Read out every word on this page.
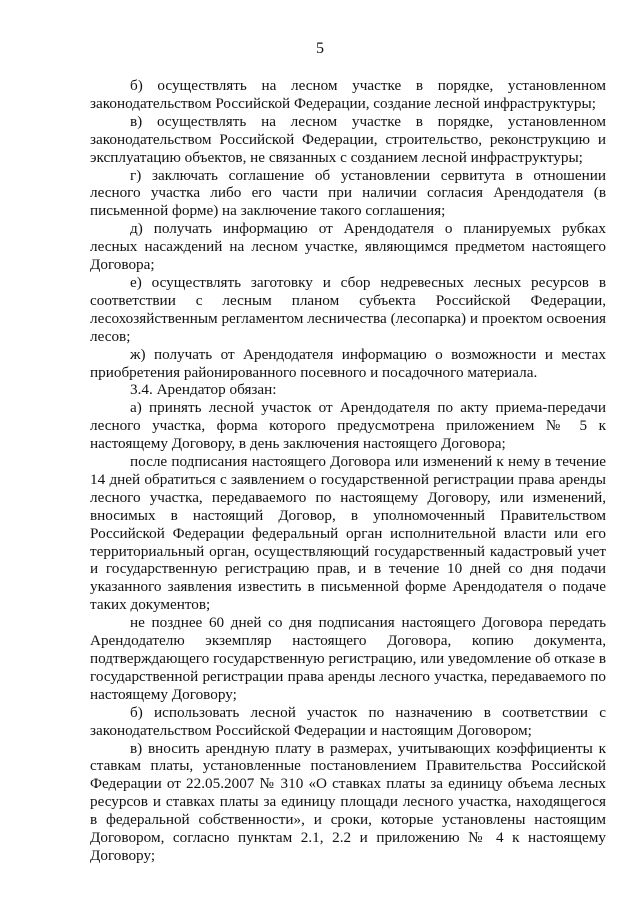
5

б) осуществлять на лесном участке в порядке, установленном законодательством Российской Федерации, создание лесной инфраструктуры;

в) осуществлять на лесном участке в порядке, установленном законодательством Российской Федерации, строительство, реконструкцию и эксплуатацию объектов, не связанных с созданием лесной инфраструктуры;

г) заключать соглашение об установлении сервитута в отношении лесного участка либо его части при наличии согласия Арендодателя (в письменной форме) на заключение такого соглашения;

д) получать информацию от Арендодателя о планируемых рубках лесных насаждений на лесном участке, являющимся предметом настоящего Договора;

е) осуществлять заготовку и сбор недревесных лесных ресурсов в соответствии с лесным планом субъекта Российской Федерации, лесохозяйственным регламентом лесничества (лесопарка) и проектом освоения лесов;

ж) получать от Арендодателя информацию о возможности и местах приобретения районированного посевного и посадочного материала.

3.4. Арендатор обязан:

а) принять лесной участок от Арендодателя по акту приема-передачи лесного участка, форма которого предусмотрена приложением № 5 к настоящему Договору, в день заключения настоящего Договора;

после подписания настоящего Договора или изменений к нему в течение 14 дней обратиться с заявлением о государственной регистрации права аренды лесного участка, передаваемого по настоящему Договору, или изменений, вносимых в настоящий Договор, в уполномоченный Правительством Российской Федерации федеральный орган исполнительной власти или его территориальный орган, осуществляющий государственный кадастровый учет и государственную регистрацию прав, и в течение 10 дней со дня подачи указанного заявления известить в письменной форме Арендодателя о подаче таких документов;

не позднее 60 дней со дня подписания настоящего Договора передать Арендодателю экземпляр настоящего Договора, копию документа, подтверждающего государственную регистрацию, или уведомление об отказе в государственной регистрации права аренды лесного участка, передаваемого по настоящему Договору;

б) использовать лесной участок по назначению в соответствии с законодательством Российской Федерации и настоящим Договором;

в) вносить арендную плату в размерах, учитывающих коэффициенты к ставкам платы, установленные постановлением Правительства Российской Федерации от 22.05.2007 № 310 «О ставках платы за единицу объема лесных ресурсов и ставках платы за единицу площади лесного участка, находящегося в федеральной собственности», и сроки, которые установлены настоящим Договором, согласно пунктам 2.1, 2.2 и приложению № 4 к настоящему Договору;
